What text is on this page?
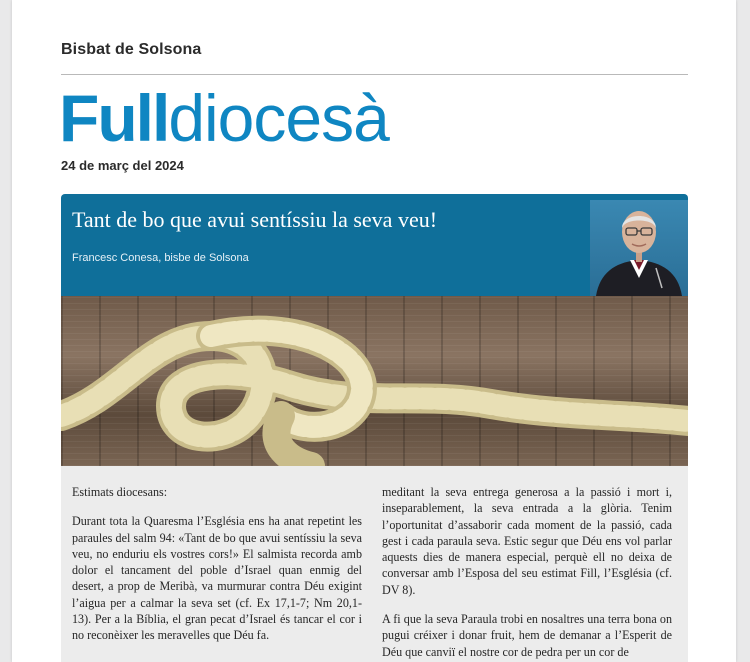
Bisbat de Solsona
Fulldiocesà
24 de març del 2024
Tant de bo que avui sentíssiu la seva veu!
Francesc Conesa, bisbe de Solsona

Estimats diocesans:

Durant tota la Quaresma l’Església ens ha anat repetint les paraules del salm 94: «Tant de bo que avui sentíssiu la seva veu, no enduriu els vostres cors!» El salmista recorda amb dolor el tancament del poble d’Israel quan enmig del desert, a prop de Meribà, va murmurar contra Déu exigint l’aigua per a calmar la seva set (cf. Ex 17,1-7; Nm 20,1-13). Per a la Bíblia, el gran pecat d’Israel és tancar el cor i no reconèixer les meravelles que Déu fa.

meditant la seva entrega generosa a la passió i mort i, inseparablement, la seva entrada a la glòria. Tenim l’oportunitat d’assaborir cada moment de la passió, cada gest i cada paraula seva. Estic segur que Déu ens vol parlar aquests dies de manera especial, perquè ell no deixa de conversar amb l’Esposa del seu estimat Fill, l’Església (cf. DV 8).

A fi que la seva Paraula trobi en nosaltres una terra bona on pugui créixer i donar fruit, hem de demanar a l’Esperit de Déu que canviï el nostre cor de pedra per un cor de
